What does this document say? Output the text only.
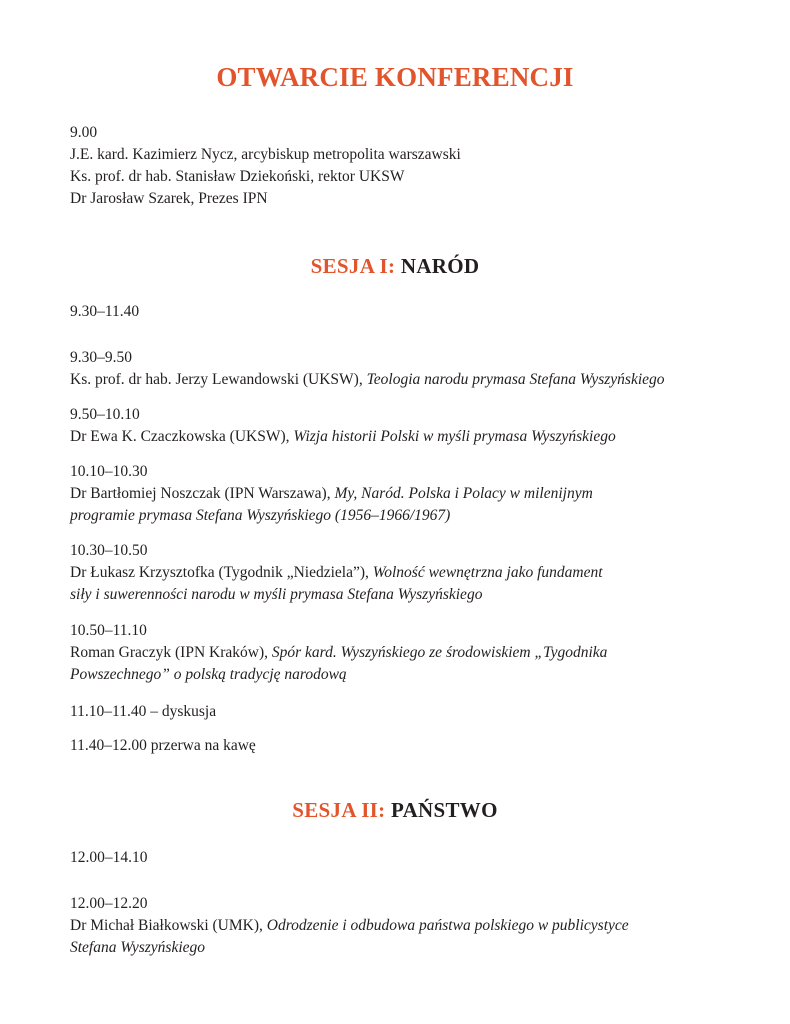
OTWARCIE KONFERENCJI
9.00
J.E. kard. Kazimierz Nycz, arcybiskup metropolita warszawski
Ks. prof. dr hab. Stanisław Dziekoński, rektor UKSW
Dr Jarosław Szarek, Prezes IPN
SESJA I: NARÓD
9.30–11.40
9.30–9.50
Ks. prof. dr hab. Jerzy Lewandowski (UKSW), Teologia narodu prymasa Stefana Wyszyńskiego
9.50–10.10
Dr Ewa K. Czaczkowska (UKSW), Wizja historii Polski w myśli prymasa Wyszyńskiego
10.10–10.30
Dr Bartłomiej Noszczak (IPN Warszawa), My, Naród. Polska i Polacy w milenijnym
programie prymasa Stefana Wyszyńskiego (1956–1966/1967)
10.30–10.50
Dr Łukasz Krzysztofka (Tygodnik „Niedziela”), Wolność wewnętrzna jako fundament
siły i suwerenności narodu w myśli prymasa Stefana Wyszyńskiego
10.50–11.10
Roman Graczyk (IPN Kraków), Spór kard. Wyszyńskiego ze środowiskiem „Tygodnika
Powszechnego” o polską tradycję narodową
11.10–11.40 – dyskusja
11.40–12.00 przerwa na kawę
SESJA II: PAŃSTWO
12.00–14.10
12.00–12.20
Dr Michał Białkowski (UMK), Odrodzenie i odbudowa państwa polskiego w publicystyce
Stefana Wyszyńskiego
